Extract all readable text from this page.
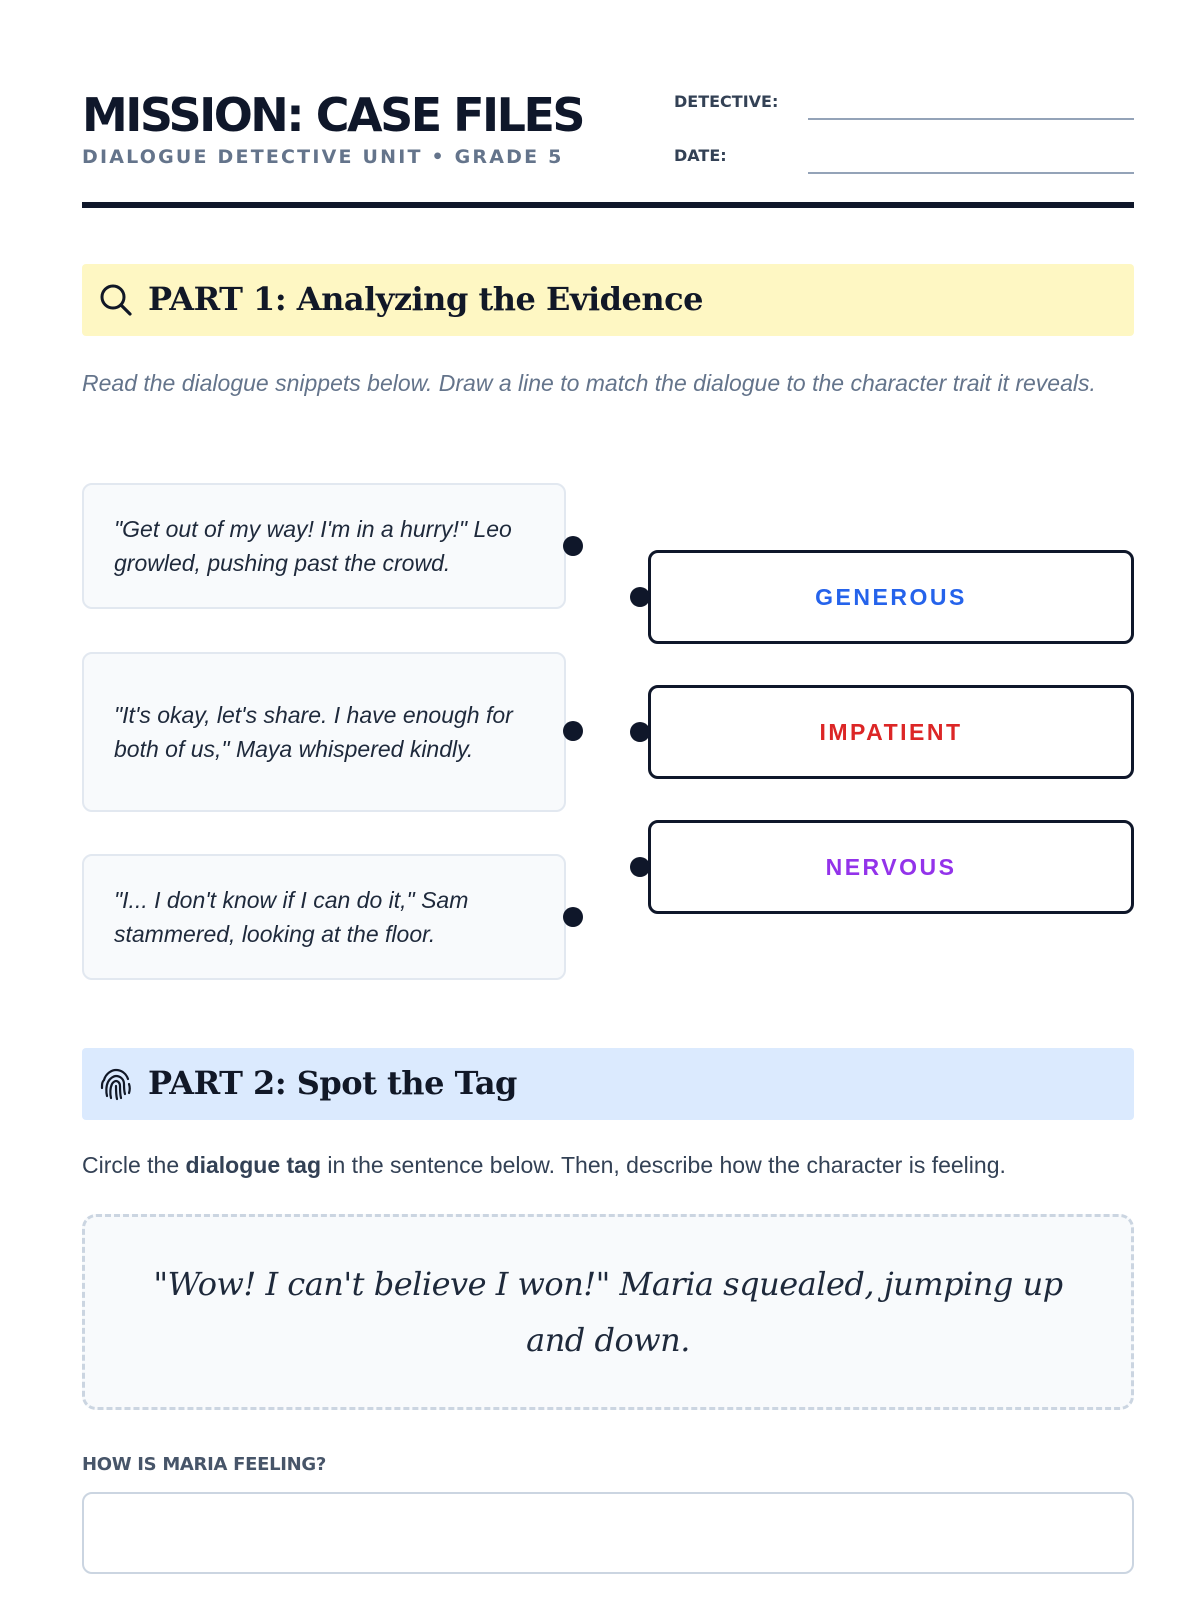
MISSION: CASE FILES
DIALOGUE DETECTIVE UNIT • GRADE 5
DETECTIVE:
DATE:
PART 1: Analyzing the Evidence
Read the dialogue snippets below. Draw a line to match the dialogue to the character trait it reveals.
"Get out of my way! I'm in a hurry!" Leo growled, pushing past the crowd.
"It's okay, let's share. I have enough for both of us," Maya whispered kindly.
"I... I don't know if I can do it," Sam stammered, looking at the floor.
GENEROUS
IMPATIENT
NERVOUS
PART 2: Spot the Tag
Circle the dialogue tag in the sentence below. Then, describe how the character is feeling.
"Wow! I can't believe I won!" Maria squealed, jumping up and down.
HOW IS MARIA FEELING?
